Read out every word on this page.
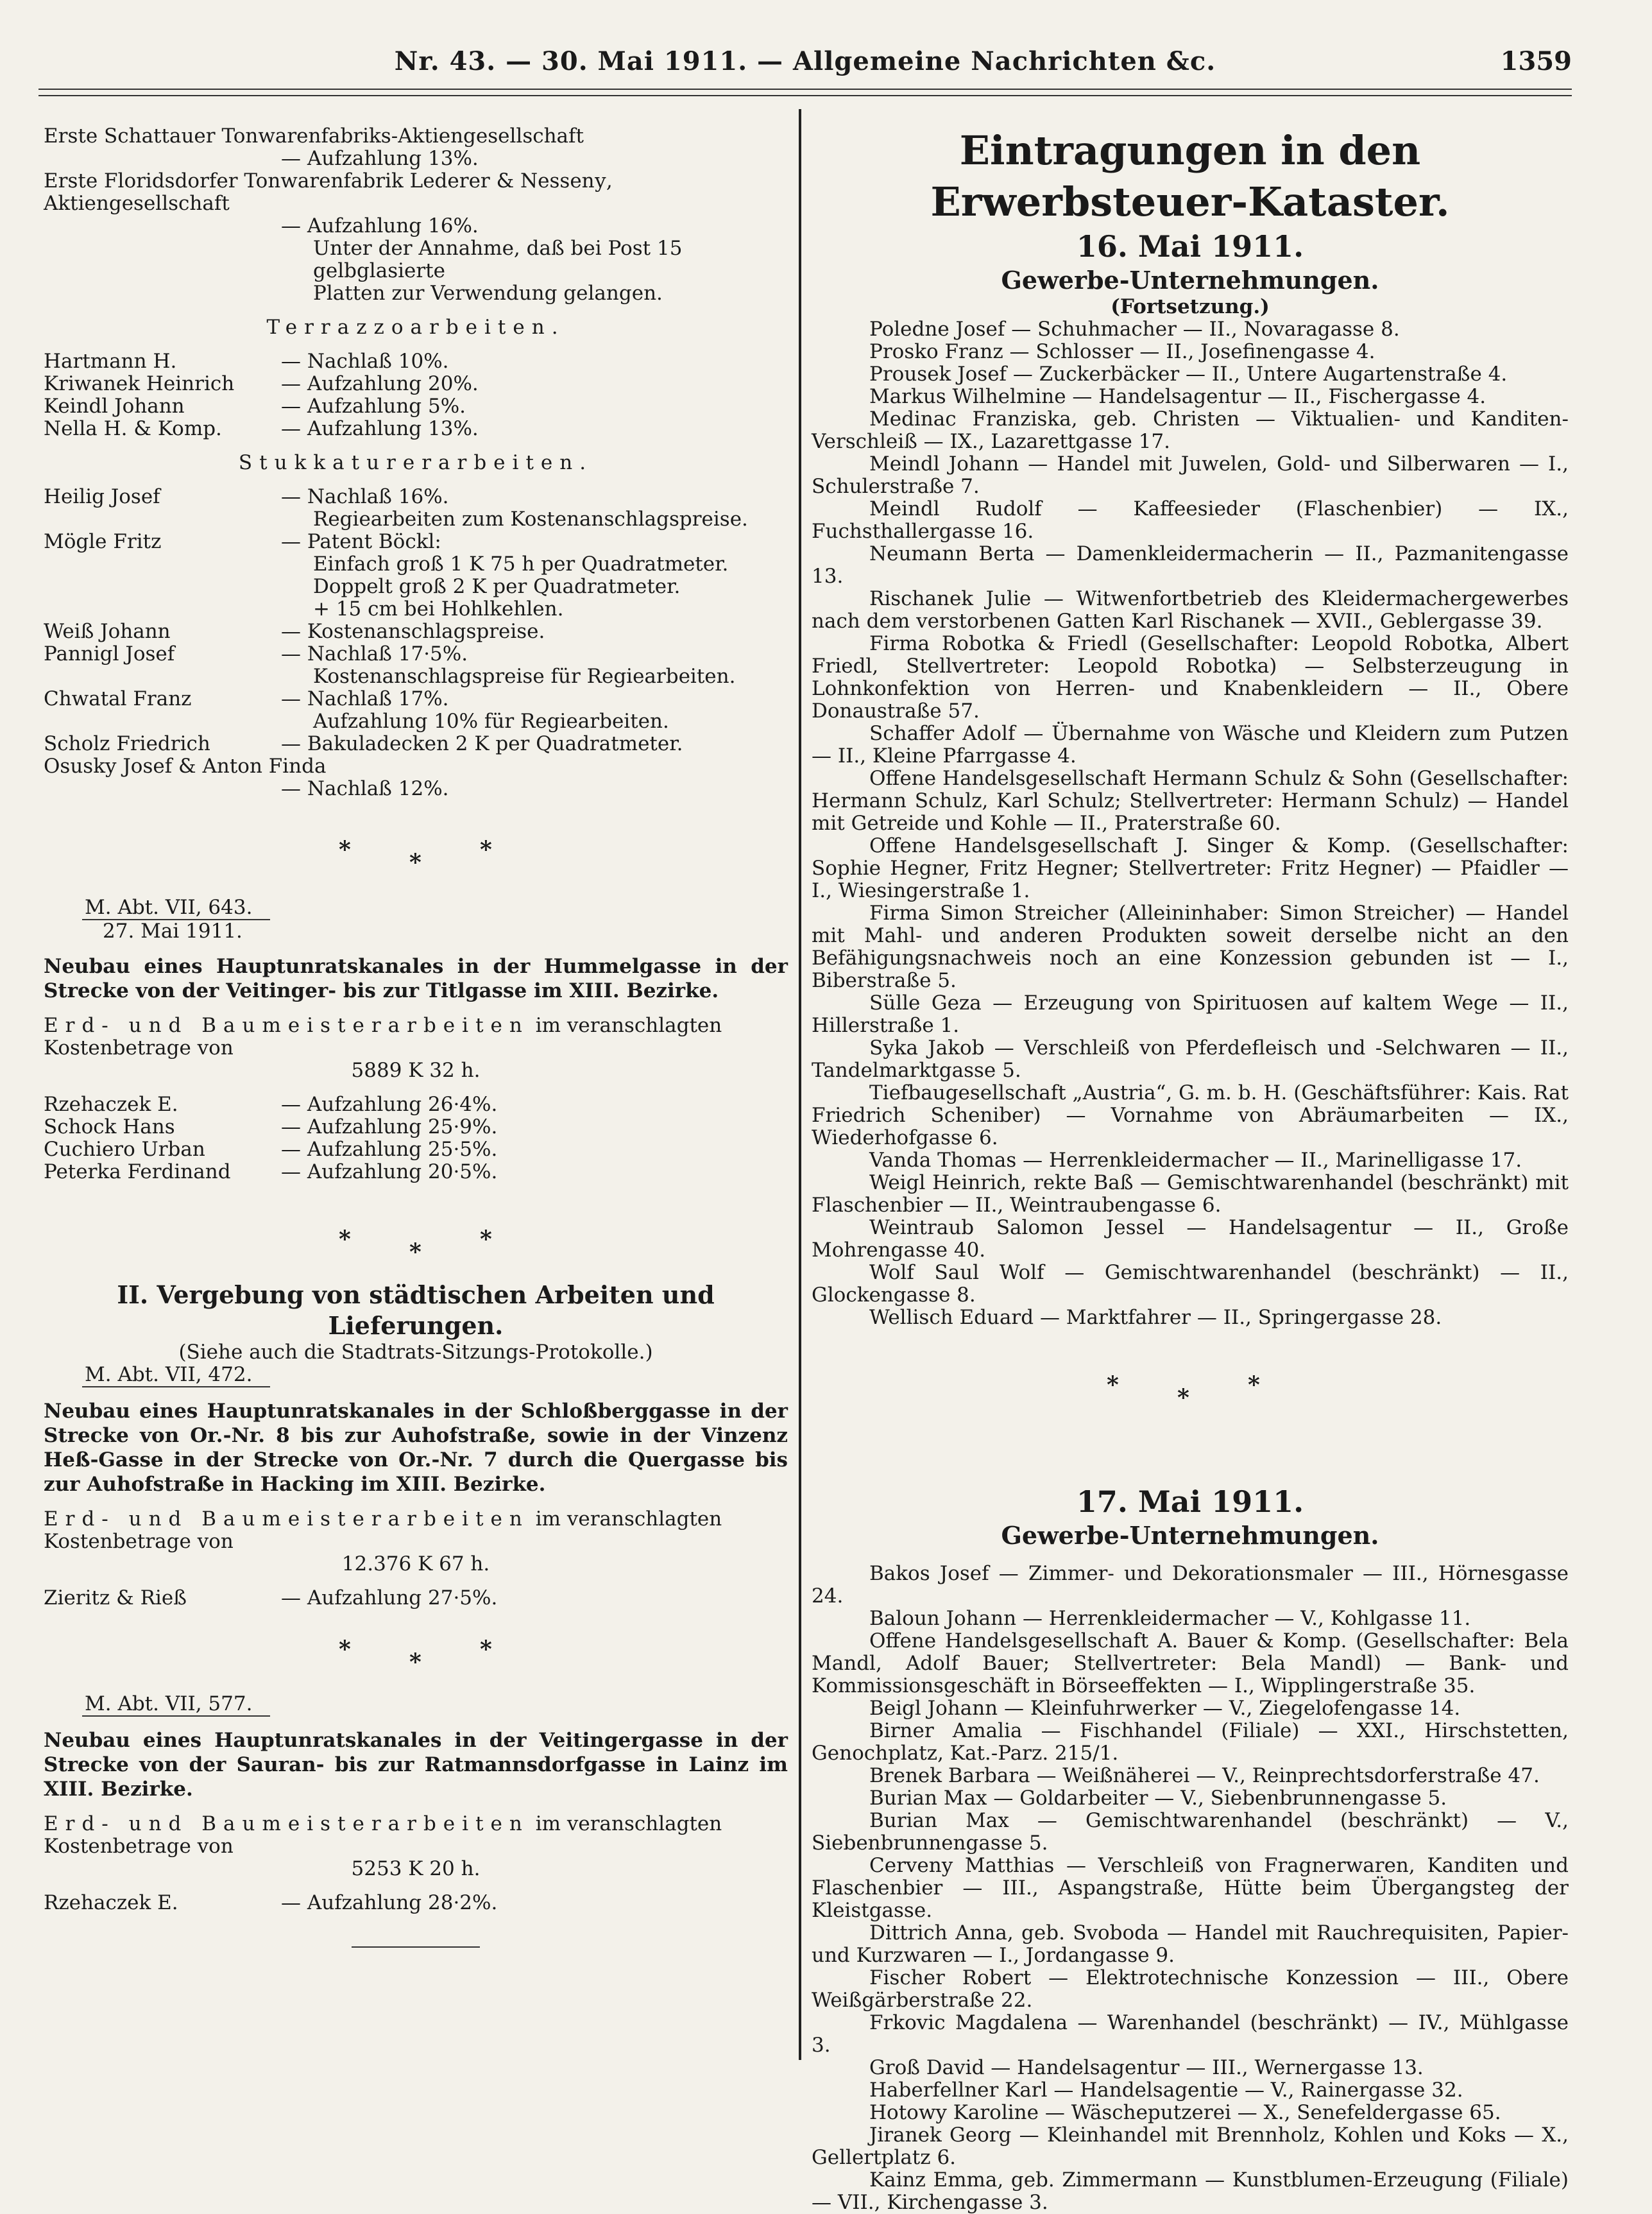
Nr. 43. — 30. Mai 1911. — Allgemeine Nachrichten &c.	1359
Erste Schattauer Tonwarenfabriks-Aktiengesellschaft
— Aufzahlung 13%.
Erste Floridsdorfer Tonwarenfabrik Lederer & Nessenу, Aktiengesellschaft
— Aufzahlung 16%.
Unter der Annahme, daß bei Post 15 gelbglasierte
Platten zur Verwendung gelangen.
Terrazzoarbeiten.
Hartmann H.	— Nachlaß 10%.
Kriwanek Heinrich	— Aufzahlung 20%.
Keindl Johann	— Aufzahlung 5%.
Nella H. & Komp.	— Aufzahlung 13%.
Stukkaturerarbeiten.
Heilig Josef	— Nachlaß 16%.
Regiearbeiten zum Kostenanschlagspreise.
Mögle Fritz	— Patent Böckl:
Einfach groß 1 K 75 h per Quadratmeter.
Doppelt groß 2 K per Quadratmeter.
+ 15 cm bei Hohlkehlen.
Weiß Johann	— Kostenanschlagspreise.
Pannigl Josef	— Nachlaß 17·5%.
Kostenanschlagspreise für Regiearbeiten.
Chwatal Franz	— Nachlaß 17%.
Aufzahlung 10% für Regiearbeiten.
Scholz Friedrich	— Bakuladecken 2 K per Quadratmeter.
Osusky Josef & Anton Finda
— Nachlaß 12%.
*	*	*
M. Abt. VII, 643.
27. Mai 1911.
Neubau eines Hauptunratskanales in der Hummelgasse in der Strecke von der Veitinger- bis zur Titlgasse im XIII. Bezirke.
Erd- und Baumeisterarbeiten im veranschlagten Kostenbetrage von
5889 K 32 h.
Rzehaczek E.	— Aufzahlung 26·4%.
Schock Hans	— Aufzahlung 25·9%.
Cuchiero Urban	— Aufzahlung 25·5%.
Peterka Ferdinand	— Aufzahlung 20·5%.
*	*	*
II. Vergebung von städtischen Arbeiten und
Lieferungen.
(Siehe auch die Stadtrats-Sitzungs-Protokolle.)
M. Abt. VII, 472.
Neubau eines Hauptunratskanales in der Schloßberggasse in der Strecke von Or.-Nr. 8 bis zur Auhofstraße, sowie in der Vinzenz Heß-Gasse in der Strecke von Or.-Nr. 7 durch die Quergasse bis zur Auhofstraße in Hacking im XIII. Bezirke.
Erd- und Baumeisterarbeiten im veranschlagten Kostenbetrage von
12.376 K 67 h.
Zieritz & Rieß	— Aufzahlung 27·5%.
*	*	*
M. Abt. VII, 577.
Neubau eines Hauptunratskanales in der Veitingergasse in der Strecke von der Sauran- bis zur Ratmannsdorfgasse in Lainz im XIII. Bezirke.
Erd- und Baumeisterarbeiten im veranschlagten Kostenbetrage von
5253 K 20 h.
Rzehaczek E.	— Aufzahlung 28·2%.
Eintragungen in den Erwerbsteuer-Kataster.
16. Mai 1911.
Gewerbe-Unternehmungen.
(Fortsetzung.)
Poledne Josef — Schuhmacher — II., Novaragasse 8.
Prosko Franz — Schlosser — II., Josefinengasse 4.
Prousek Josef — Zuckerbäcker — II., Untere Augartenstraße 4.
Markus Wilhelmine — Handelsagentur — II., Fischergasse 4.
Medinac Franziska, geb. Christen — Viktualien- und Kanditen-Verschleiß — IX., Lazarettgasse 17.
Meindl Johann — Handel mit Juwelen, Gold- und Silberwaren — I., Schulerstraße 7.
Meindl Rudolf — Kaffeesieder (Flaschenbier) — IX., Fuchsthallergasse 16.
Neumann Berta — Damenkleidermacherin — II., Pazmanitengasse 13.
Rischanek Julie — Witwenfortbetrieb des Kleidermachergewerbes nach dem verstorbenen Gatten Karl Rischanek — XVII., Geblergasse 39.
Firma Robotka & Friedl (Gesellschafter: Leopold Robotka, Albert Friedl, Stellvertreter: Leopold Robotka) — Selbsterzeugung in Lohnkonfektion von Herren- und Knabenkleidern — II., Obere Donaustraße 57.
Schaffer Adolf — Übernahme von Wäsche und Kleidern zum Putzen — II., Kleine Pfarrgasse 4.
Offene Handelsgesellschaft Hermann Schulz & Sohn (Gesellschafter: Hermann Schulz, Karl Schulz; Stellvertreter: Hermann Schulz) — Handel mit Getreide und Kohle — II., Praterstraße 60.
Offene Handelsgesellschaft J. Singer & Komp. (Gesellschafter: Sophie Hegner, Fritz Hegner; Stellvertreter: Fritz Hegner) — Pfaidler — I., Wiesingerstraße 1.
Firma Simon Streicher (Alleininhaber: Simon Streicher) — Handel mit Mahl- und anderen Produkten soweit derselbe nicht an den Befähigungsnachweis noch an eine Konzession gebunden ist — I., Biberstraße 5.
Sülle Geza — Erzeugung von Spirituosen auf kaltem Wege — II., Hillerstraße 1.
Syka Jakob — Verschleiß von Pferdefleisch und -Selchwaren — II., Tandelmarktgasse 5.
Tiefbaugesellschaft „Austria“, G. m. b. H. (Geschäftsführer: Kais. Rat Friedrich Scheniber) — Vornahme von Abräumarbeiten — IX., Wiederhofgasse 6.
Vanda Thomas — Herrenkleidermacher — II., Marinelligasse 17.
Weigl Heinrich, rekte Baß — Gemischtwarenhandel (beschränkt) mit Flaschenbier — II., Weintraubengasse 6.
Weintraub Salomon Jessel — Handelsagentur — II., Große Mohrengasse 40.
Wolf Saul Wolf — Gemischtwarenhandel (beschränkt) — II., Glockengasse 8.
Wellisch Eduard — Marktfahrer — II., Springergasse 28.
*	*	*
17. Mai 1911.
Gewerbe-Unternehmungen.
Bakos Josef — Zimmer- und Dekorationsmaler — III., Hörnesgasse 24.
Baloun Johann — Herrenkleidermacher — V., Kohlgasse 11.
Offene Handelsgesellschaft A. Bauer & Komp. (Gesellschafter: Bela Mandl, Adolf Bauer; Stellvertreter: Bela Mandl) — Bank- und Kommissionsgeschäft in Börseeffekten — I., Wipplingerstraße 35.
Beigl Johann — Kleinfuhrwerker — V., Ziegelofengasse 14.
Birner Amalia — Fischhandel (Filiale) — XXI., Hirschstetten, Genochplatz, Kat.-Parz. 215/1.
Brenek Barbara — Weißnäherei — V., Reinprechtsdorferstraße 47.
Burian Max — Goldarbeiter — V., Siebenbrunnengasse 5.
Burian Max — Gemischtwarenhandel (beschränkt) — V., Siebenbrunnengasse 5.
Cerveny Matthias — Verschleiß von Fragnerwaren, Kanditen und Flaschenbier — III., Aspangstraße, Hütte beim Übergangsteg der Kleistgasse.
Dittrich Anna, geb. Svoboda — Handel mit Rauchrequisiten, Papier- und Kurzwaren — I., Jordangasse 9.
Fischer Robert — Elektrotechnische Konzession — III., Obere Weißgärberstraße 22.
Frkovic Magdalena — Warenhandel (beschränkt) — IV., Mühlgasse 3.
Groß David — Handelsagentur — III., Wernergasse 13.
Haberfellner Karl — Handelsagentie — V., Rainergasse 32.
Hotowy Karoline — Wäscheputzerei — X., Senefeldergasse 65.
Jiranek Georg — Kleinhandel mit Brennholz, Kohlen und Koks — X., Gellertplatz 6.
Kainz Emma, geb. Zimmermann — Kunstblumen-Erzeugung (Filiale) — VII., Kirchengasse 3.
